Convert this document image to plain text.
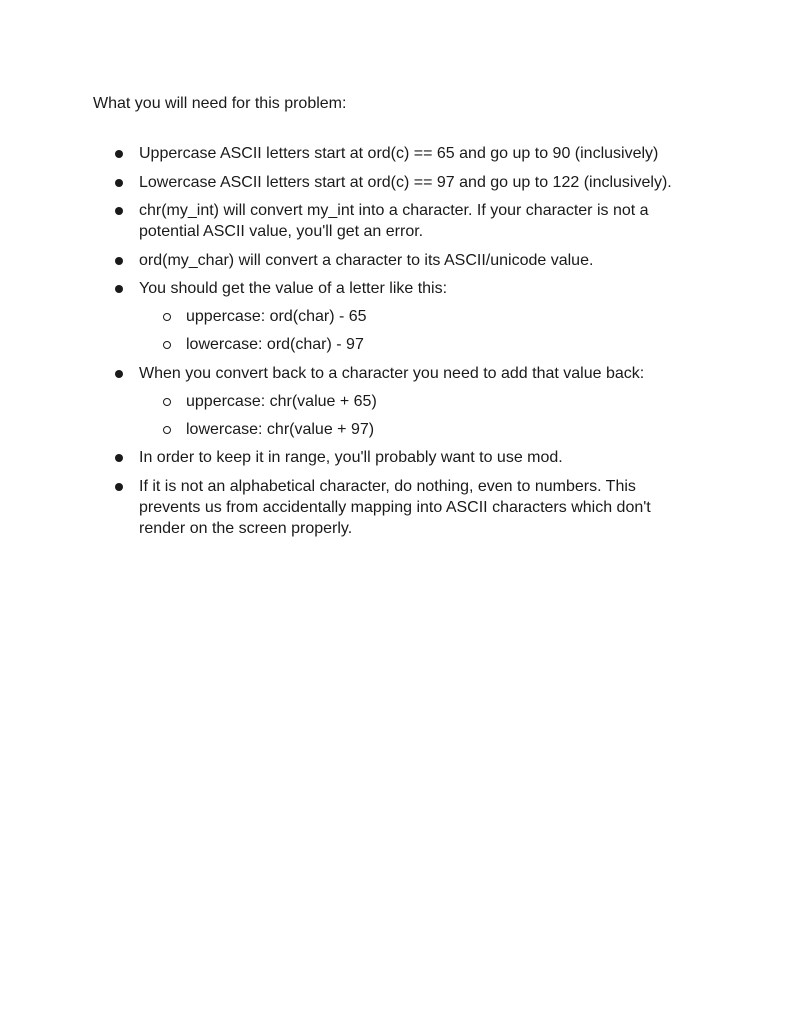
What you will need for this problem:

Uppercase ASCII letters start at ord(c) == 65 and go up to 90 (inclusively)
Lowercase ASCII letters start at ord(c) == 97 and go up to 122 (inclusively).
chr(my_int) will convert my_int into a character. If your character is not a potential ASCII value, you'll get an error.
ord(my_char) will convert a character to its ASCII/unicode value.
You should get the value of a letter like this:
uppercase: ord(char) - 65
lowercase: ord(char) - 97
When you convert back to a character you need to add that value back:
uppercase: chr(value + 65)
lowercase: chr(value + 97)
In order to keep it in range, you'll probably want to use mod.
If it is not an alphabetical character, do nothing, even to numbers. This prevents us from accidentally mapping into ASCII characters which don't render on the screen properly.
